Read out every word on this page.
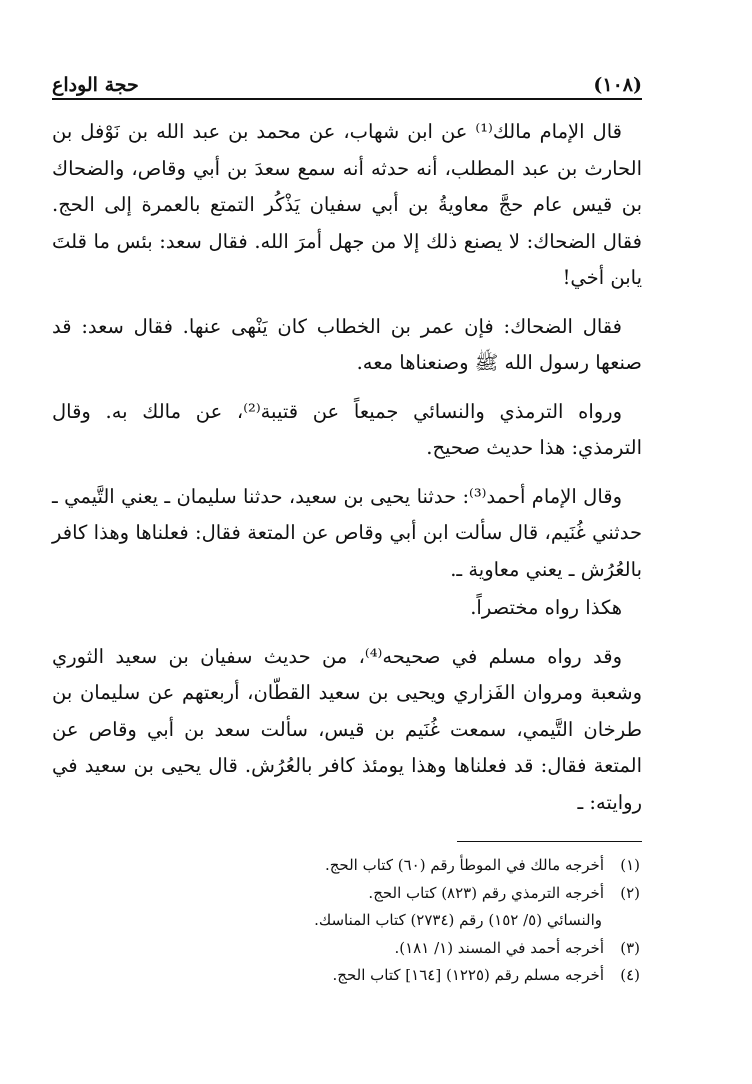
(١٠٨)
حجة الوداع

قال الإمام مالك⁽¹⁾ عن ابن شهاب، عن محمد بن عبد الله بن نَوْفل بن الحارث بن عبد المطلب، أنه حدثه أنه سمع سعدَ بن أبي وقاص، والضحاك بن قيس عام حجَّ معاويةُ بن أبي سفيان يَذْكُر التمتع بالعمرة إلى الحج. فقال الضحاك: لا يصنع ذلك إلا من جهل أمرَ الله. فقال سعد: بئس ما قلتَ يابن أخي!

فقال الضحاك: فإن عمر بن الخطاب كان يَنْهى عنها. فقال سعد: قد صنعها رسول الله ﷺ وصنعناها معه.

ورواه الترمذي والنسائي جميعاً عن قتيبة⁽²⁾، عن مالك به. وقال الترمذي: هذا حديث صحيح.

وقال الإمام أحمد⁽³⁾: حدثنا يحيى بن سعيد، حدثنا سليمان ـ يعني التَّيمي ـ حدثني غُنَيم، قال سألت ابن أبي وقاص عن المتعة فقال: فعلناها وهذا كافر بالعُرُش ـ يعني معاوية ـ.

هكذا رواه مختصراً.

وقد رواه مسلم في صحيحه⁽⁴⁾، من حديث سفيان بن سعيد الثوري وشعبة ومروان الفَزاري ويحيى بن سعيد القطّان، أربعتهم عن سليمان بن طرخان التَّيمي، سمعت غُنَيم بن قيس، سألت سعد بن أبي وقاص عن المتعة فقال: قد فعلناها وهذا يومئذ كافر بالعُرُش. قال يحيى بن سعيد في روايته: ـ

(١)
أخرجه مالك في الموطأ رقم (٦٠) كتاب الحج.
(٢)
أخرجه الترمذي رقم (٨٢٣) كتاب الحج.
والنسائي (٥/ ١٥٢) رقم (٢٧٣٤) كتاب المناسك.
(٣)
أخرجه أحمد في المسند (١/ ١٨١).
(٤)
أخرجه مسلم رقم (١٢٢٥) [١٦٤] كتاب الحج.
